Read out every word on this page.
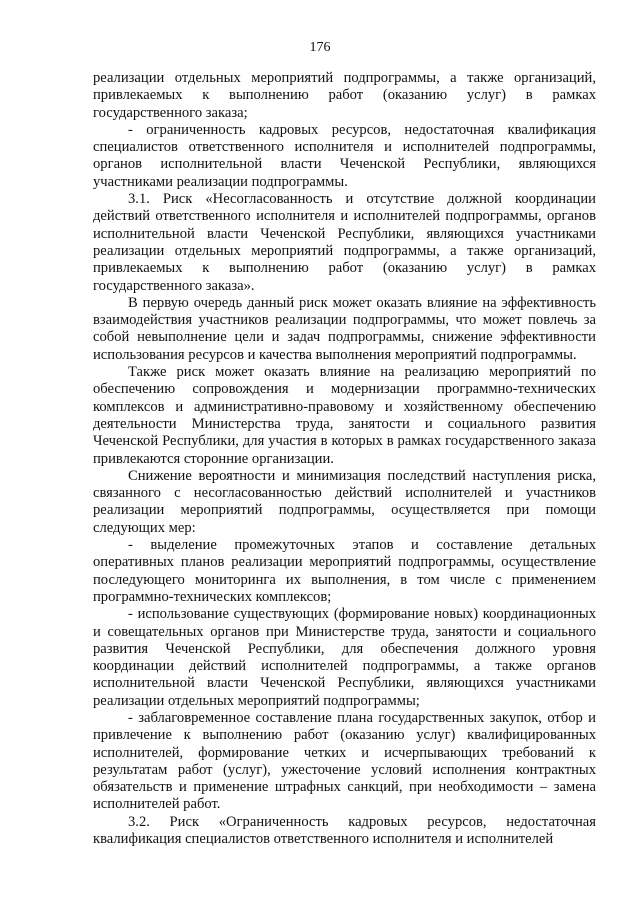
176

реализации отдельных мероприятий подпрограммы, а также организаций, привлекаемых к выполнению работ (оказанию услуг) в рамках государственного заказа;

- ограниченность кадровых ресурсов, недостаточная квалификация специалистов ответственного исполнителя и исполнителей подпрограммы, органов исполнительной власти Чеченской Республики, являющихся участниками реализации подпрограммы.

3.1. Риск «Несогласованность и отсутствие должной координации действий ответственного исполнителя и исполнителей подпрограммы, органов исполнительной власти Чеченской Республики, являющихся участниками реализации отдельных мероприятий подпрограммы, а также организаций, привлекаемых к выполнению работ (оказанию услуг) в рамках государственного заказа».

В первую очередь данный риск может оказать влияние на эффективность взаимодействия участников реализации подпрограммы, что может повлечь за собой невыполнение цели и задач подпрограммы, снижение эффективности использования ресурсов и качества выполнения мероприятий подпрограммы.

Также риск может оказать влияние на реализацию мероприятий по обеспечению сопровождения и модернизации программно-технических комплексов и административно-правовому и хозяйственному обеспечению деятельности Министерства труда, занятости и социального развития Чеченской Республики, для участия в которых в рамках государственного заказа привлекаются сторонние организации.

Снижение вероятности и минимизация последствий наступления риска, связанного с несогласованностью действий исполнителей и участников реализации мероприятий подпрограммы, осуществляется при помощи следующих мер:

- выделение промежуточных этапов и составление детальных оперативных планов реализации мероприятий подпрограммы, осуществление последующего мониторинга их выполнения, в том числе с применением программно-технических комплексов;

- использование существующих (формирование новых) координационных и совещательных органов при Министерстве труда, занятости и социального развития Чеченской Республики, для обеспечения должного уровня координации действий исполнителей подпрограммы, а также органов исполнительной власти Чеченской Республики, являющихся участниками реализации отдельных мероприятий подпрограммы;

- заблаговременное составление плана государственных закупок, отбор и привлечение к выполнению работ (оказанию услуг) квалифицированных исполнителей, формирование четких и исчерпывающих требований к результатам работ (услуг), ужесточение условий исполнения контрактных обязательств и применение штрафных санкций, при необходимости – замена исполнителей работ.

3.2. Риск «Ограниченность кадровых ресурсов, недостаточная квалификация специалистов ответственного исполнителя и исполнителей
